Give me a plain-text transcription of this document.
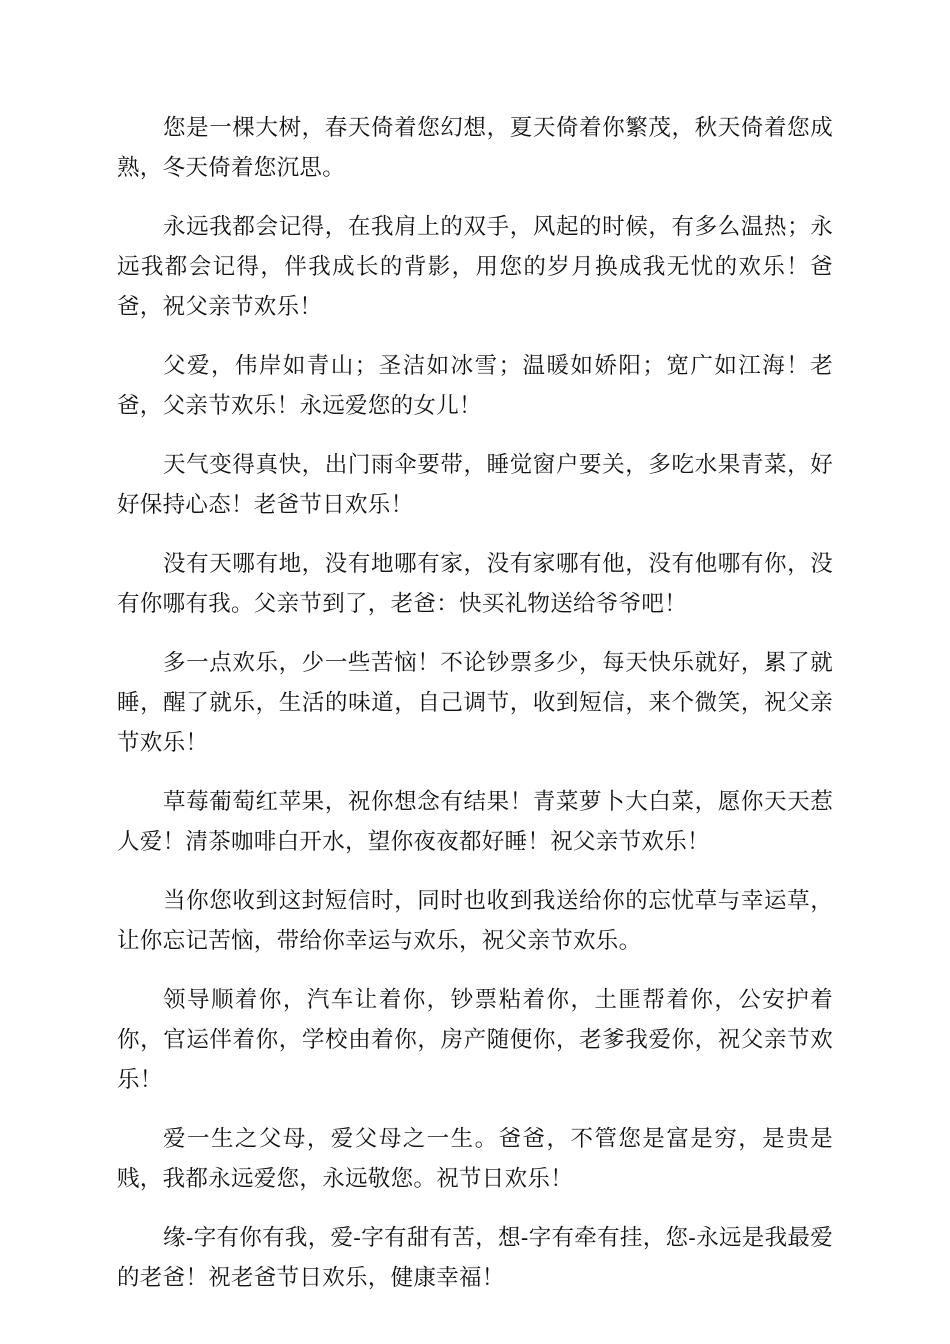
您是一棵大树，春天倚着您幻想，夏天倚着你繁茂，秋天倚着您成熟，冬天倚着您沉思。

永远我都会记得，在我肩上的双手，风起的时候，有多么温热；永远我都会记得，伴我成长的背影，用您的岁月换成我无忧的欢乐！爸爸，祝父亲节欢乐！

父爱，伟岸如青山；圣洁如冰雪；温暖如娇阳；宽广如江海！老爸，父亲节欢乐！永远爱您的女儿！

天气变得真快，出门雨伞要带，睡觉窗户要关，多吃水果青菜，好好保持心态！老爸节日欢乐！

没有天哪有地，没有地哪有家，没有家哪有他，没有他哪有你，没有你哪有我。父亲节到了，老爸：快买礼物送给爷爷吧！

多一点欢乐，少一些苦恼！不论钞票多少，每天快乐就好，累了就睡，醒了就乐，生活的味道，自己调节，收到短信，来个微笑，祝父亲节欢乐！

草莓葡萄红苹果，祝你想念有结果！青菜萝卜大白菜，愿你天天惹人爱！清茶咖啡白开水，望你夜夜都好睡！祝父亲节欢乐！

当你您收到这封短信时，同时也收到我送给你的忘忧草与幸运草，让你忘记苦恼，带给你幸运与欢乐，祝父亲节欢乐。

领导顺着你，汽车让着你，钞票粘着你，土匪帮着你，公安护着你，官运伴着你，学校由着你，房产随便你，老爹我爱你，祝父亲节欢乐！

爱一生之父母，爱父母之一生。爸爸，不管您是富是穷，是贵是贱，我都永远爱您，永远敬您。祝节日欢乐！

缘-字有你有我，爱-字有甜有苦，想-字有牵有挂，您-永远是我最爱的老爸！祝老爸节日欢乐，健康幸福！
